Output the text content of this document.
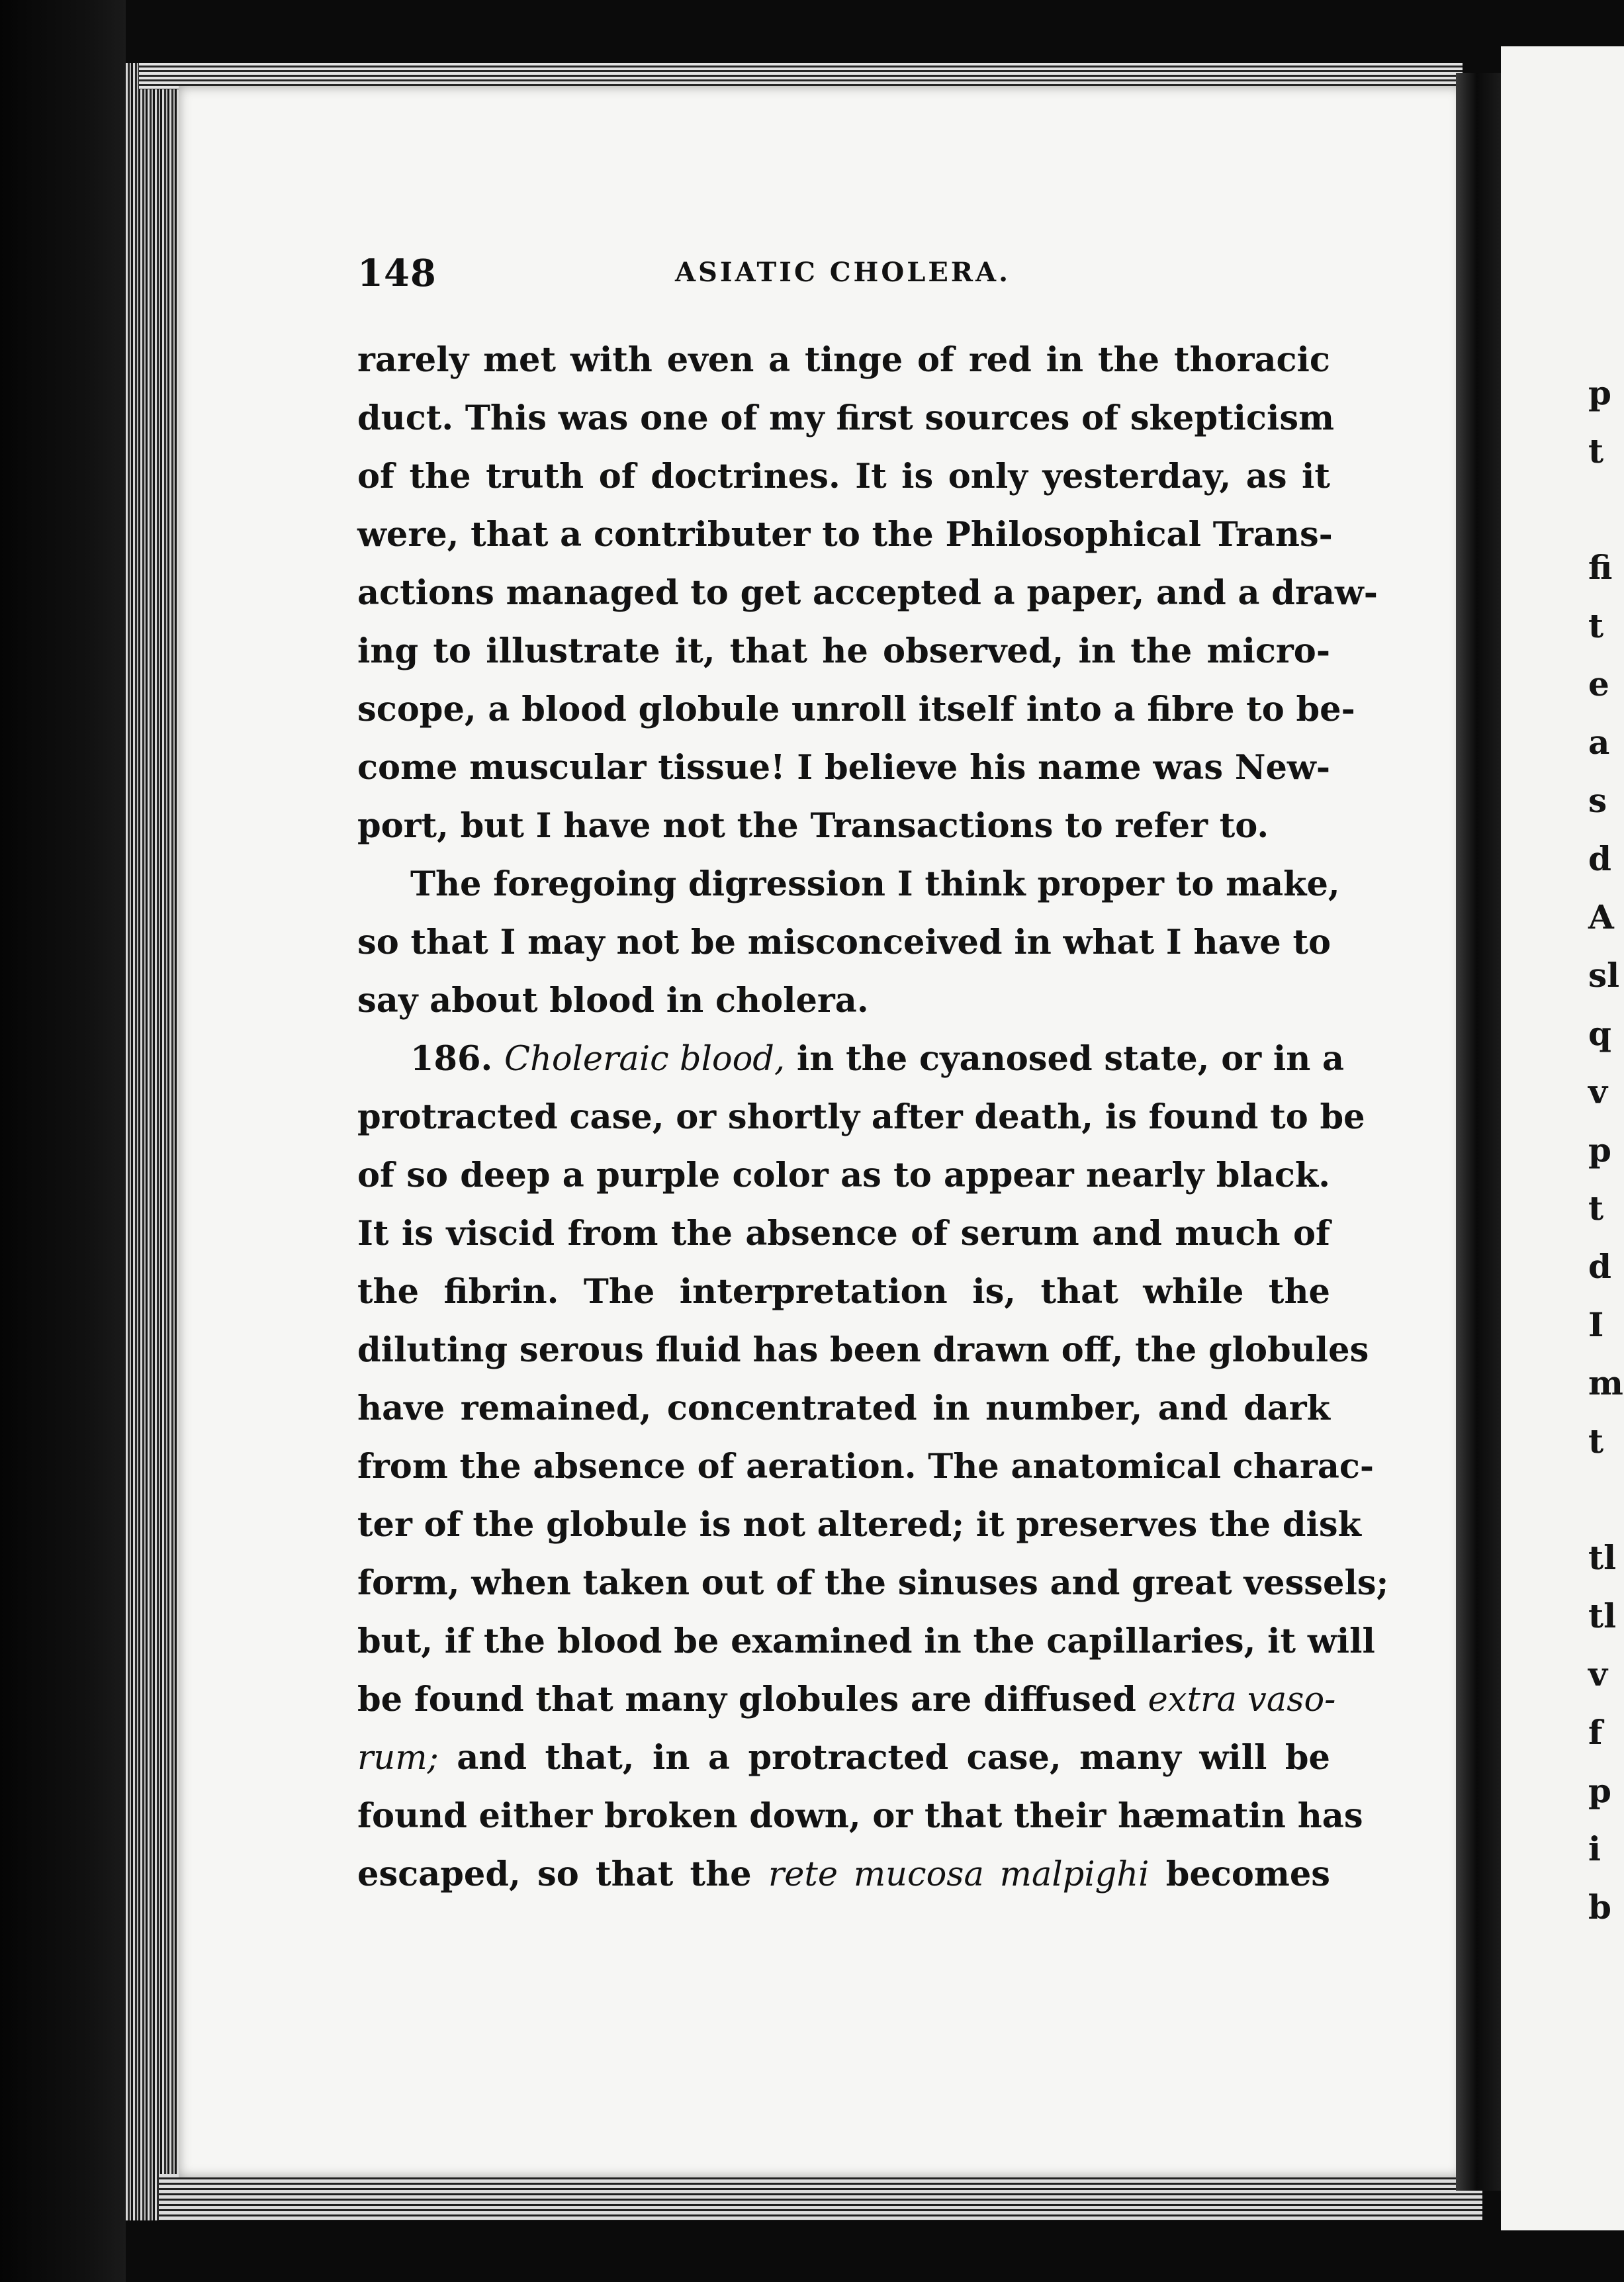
148	ASIATIC CHOLERA.
rarely met with even a tinge of red in the thoracic
duct. This was one of my first sources of skepticism
of the truth of doctrines. It is only yesterday, as it
were, that a contributer to the Philosophical Trans-
actions managed to get accepted a paper, and a draw-
ing to illustrate it, that he observed, in the micro-
scope, a blood globule unroll itself into a fibre to be-
come muscular tissue! I believe his name was New-
port, but I have not the Transactions to refer to.
The foregoing digression I think proper to make,
so that I may not be misconceived in what I have to
say about blood in cholera.
186. Choleraic blood, in the cyanosed state, or in a
protracted case, or shortly after death, is found to be
of so deep a purple color as to appear nearly black.
It is viscid from the absence of serum and much of
the fibrin. The interpretation is, that while the
diluting serous fluid has been drawn off, the globules
have remained, concentrated in number, and dark
from the absence of aeration. The anatomical charac-
ter of the globule is not altered; it preserves the disk
form, when taken out of the sinuses and great vessels;
but, if the blood be examined in the capillaries, it will
be found that many globules are diffused extra vaso-
rum; and that, in a protracted case, many will be
found either broken down, or that their hæmatin has
escaped, so that the rete mucosa malpighi becomes
p
t
fi
t
e
a
s
d
A
sl
q
v
p
t
d
I
m
t
tl
tl
v
f
p
i
b
